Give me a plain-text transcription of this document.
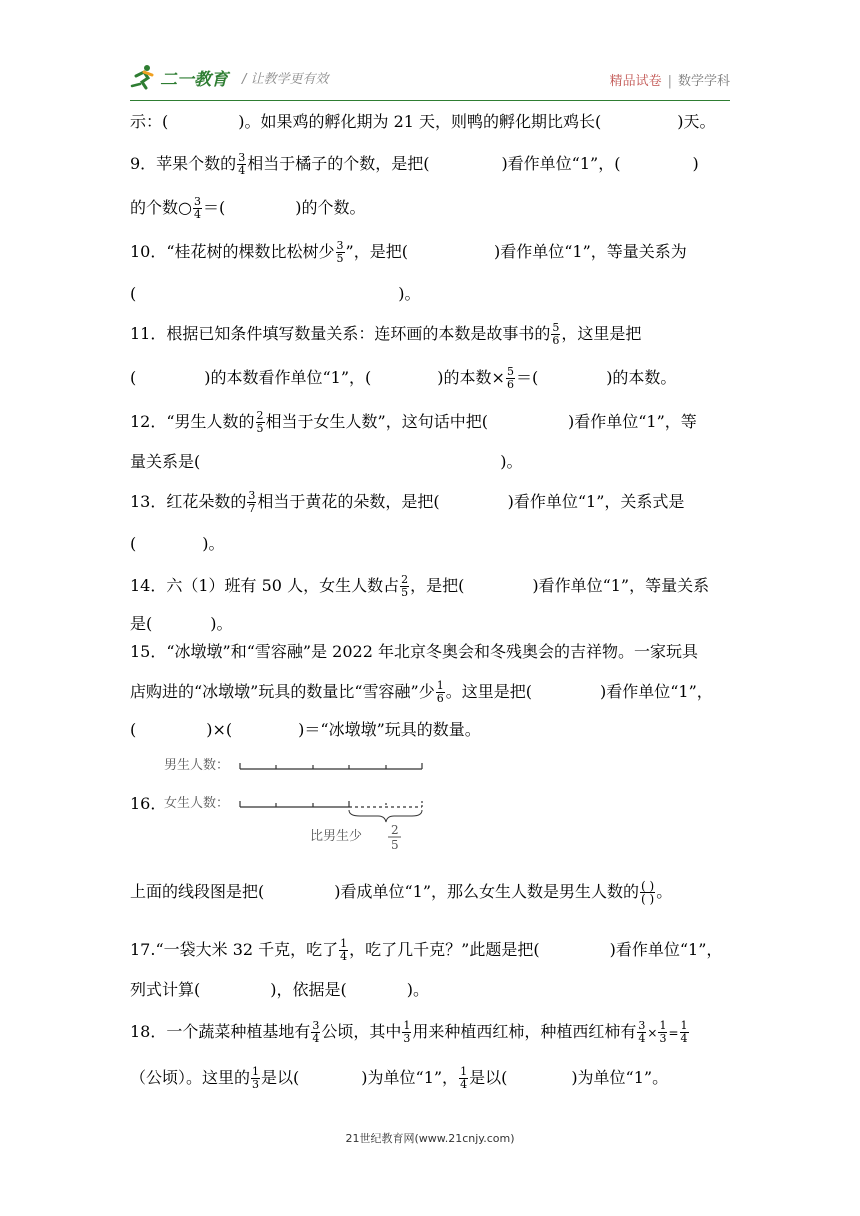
二一教育 / 让教学更有效	精品试卷 | 数学学科
示：(	)。如果鸡的孵化期为 21 天，则鸭的孵化期比鸡长(	)天。
9．苹果个数的 $\frac{3}{4}$ 相当于橘子的个数，是把(	)看作单位“1”，(	)
的个数○ $\frac{3}{4}$ ＝(	)的个数。
10．“桂花树的棵数比松树少 $\frac{3}{5}$ ”，是把(	)看作单位“1”，等量关系为
(	)。
11．根据已知条件填写数量关系：连环画的本数是故事书的 $\frac{5}{6}$ ，这里是把
(	)的本数看作单位“1”，(	)的本数× $\frac{5}{6}$ ＝(	)的本数。
12．“男生人数的 $\frac{2}{5}$ 相当于女生人数”，这句话中把(	)看作单位“1”，等
量关系是(	)。
13．红花朵数的 $\frac{3}{7}$ 相当于黄花的朵数，是把(	)看作单位“1”，关系式是
(	)。
14．六（1）班有 50 人，女生人数占 $\frac{2}{5}$ ，是把(	)看作单位“1”，等量关系
是(	)。
15．“冰墩墩”和“雪容融”是 2022 年北京冬奥会和冬残奥会的吉祥物。一家玩具
店购进的“冰墩墩”玩具的数量比“雪容融”少 $\frac{1}{6}$ 。这里是把(	)看作单位“1”，
(	)×(	)＝“冰墩墩”玩具的数量。
16．
男生人数：
女生人数：
比男生少 2
5
上面的线段图是把(	)看成单位“1”，那么女生人数是男生人数的 $\frac{( )}{( )}$ 。
17.“一袋大米 32 千克，吃了 $\frac{1}{4}$ ，吃了几千克？”此题是把(	)看作单位“1”，
列式计算(	)，依据是(	)。
18．一个蔬菜种植基地有 $\frac{3}{4}$ 公顷，其中 $\frac{1}{3}$ 用来种植西红柿，种植西红柿有 $\frac{3}{4} \times \frac{1}{3} = \frac{1}{4}$
（公顷）。这里的 $\frac{1}{3}$ 是以(	)为单位“1”， $\frac{1}{4}$ 是以(	)为单位“1”。
21世纪教育网(www.21cnjy.com)
